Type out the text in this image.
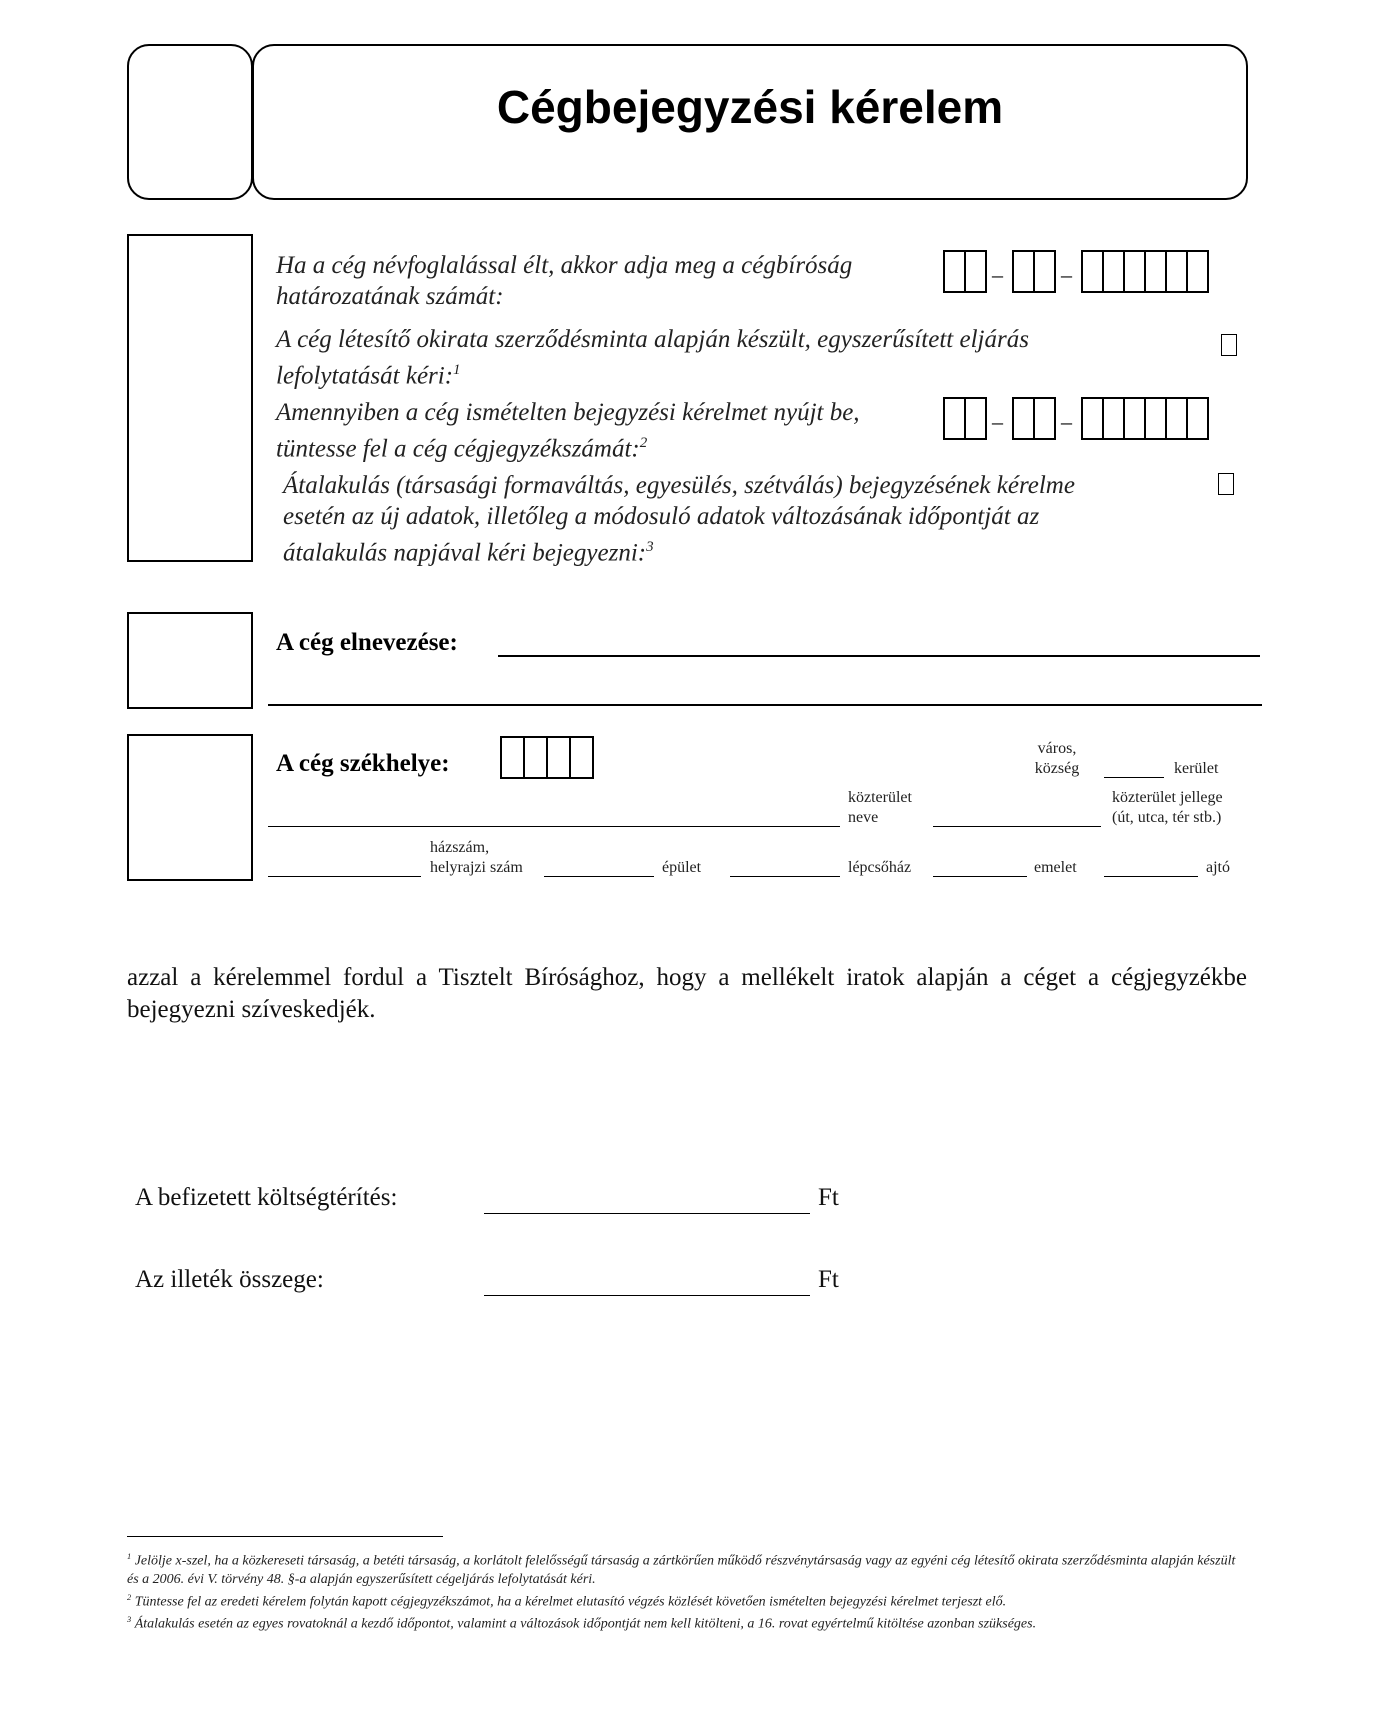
Cégbejegyzési kérelem
Ha a cég névfoglalással élt, akkor adja meg a cégbíróság határozatának számát:
–	–
A cég létesítő okirata szerződésminta alapján készült, egyszerűsített eljárás lefolytatását kéri:$^1$
Amennyiben a cég ismételten bejegyzési kérelmet nyújt be, tüntesse fel a cég cégjegyzékszámát:$^2$
–	–
Átalakulás (társasági formaváltás, egyesülés, szétválás) bejegyzésének kérelme esetén az új adatok, illetőleg a módosuló adatok változásának időpontját az átalakulás napjával kéri bejegyezni:$^3$
A cég elnevezése:
A cég székhelye:
város,
község	kerület
közterület
neve
közterület jellege
(út, utca, tér stb.)
házszám,
helyrajzi szám	épület	lépcsőház	emelet	ajtó
azzal a kérelemmel fordul a Tisztelt Bírósághoz, hogy a mellékelt iratok alapján a céget a cégjegyzékbe bejegyezni szíveskedjék.
A befizetett költségtérítés:	Ft
Az illeték összege:	Ft
$^1$ Jelölje x-szel, ha a közkereseti társaság, a betéti társaság, a korlátolt felelősségű társaság a zártkörűen működő részvénytársaság vagy az egyéni cég létesítő okirata szerződésminta alapján készült és a 2006. évi V. törvény 48. §-a alapján egyszerűsített cégeljárás lefolytatását kéri.
$^2$ Tüntesse fel az eredeti kérelem folytán kapott cégjegyzékszámot, ha a kérelmet elutasító végzés közlését követően ismételten bejegyzési kérelmet terjeszt elő.
$^3$ Átalakulás esetén az egyes rovatoknál a kezdő időpontot, valamint a változások időpontját nem kell kitölteni, a 16. rovat egyértelmű kitöltése azonban szükséges.
